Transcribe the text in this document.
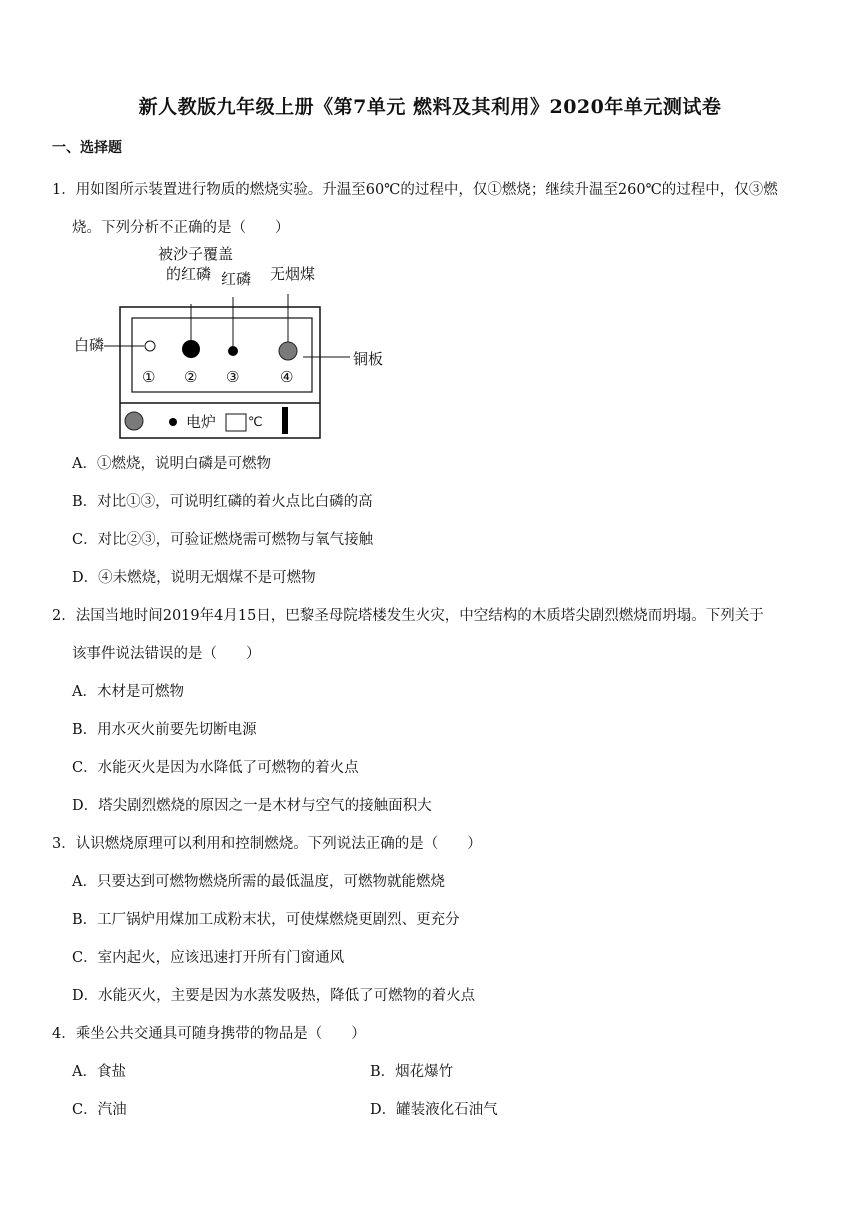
新人教版九年级上册《第7单元 燃料及其利用》2020年单元测试卷
一、选择题
1．用如图所示装置进行物质的燃烧实验。升温至60℃的过程中，仅①燃烧；继续升温至260℃的过程中，仅③燃
烧。下列分析不正确的是（　　）
被沙子覆盖
的红磷 红磷 无烟煤
白磷
铜板
① ② ③	④
电炉 ℃
A．①燃烧，说明白磷是可燃物
B．对比①③，可说明红磷的着火点比白磷的高
C．对比②③，可验证燃烧需可燃物与氧气接触
D．④未燃烧，说明无烟煤不是可燃物
2．法国当地时间2019年4月15日，巴黎圣母院塔楼发生火灾，中空结构的木质塔尖剧烈燃烧而坍塌。下列关于
该事件说法错误的是（　　）
A．木材是可燃物
B．用水灭火前要先切断电源
C．水能灭火是因为水降低了可燃物的着火点
D．塔尖剧烈燃烧的原因之一是木材与空气的接触面积大
3．认识燃烧原理可以利用和控制燃烧。下列说法正确的是（　　）
A．只要达到可燃物燃烧所需的最低温度，可燃物就能燃烧
B．工厂锅炉用煤加工成粉末状，可使煤燃烧更剧烈、更充分
C．室内起火，应该迅速打开所有门窗通风
D．水能灭火，主要是因为水蒸发吸热，降低了可燃物的着火点
4．乘坐公共交通具可随身携带的物品是（　　）
A．食盐	B．烟花爆竹
C．汽油	D．罐装液化石油气
